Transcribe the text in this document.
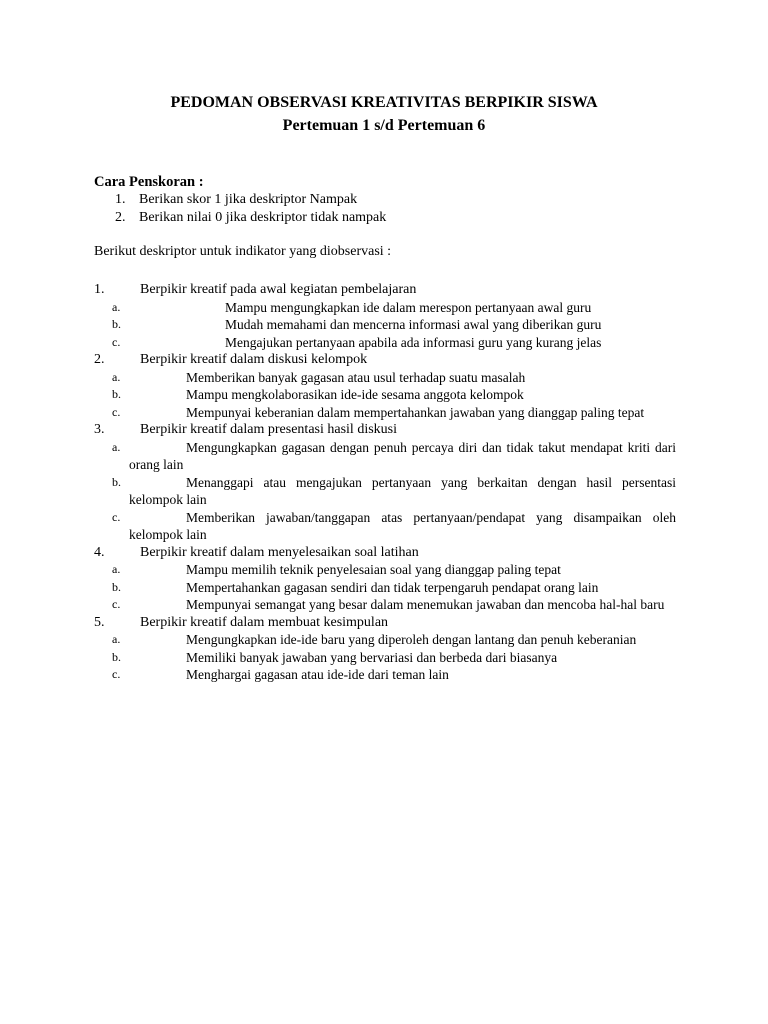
PEDOMAN OBSERVASI KREATIVITAS BERPIKIR SISWA
Pertemuan 1 s/d Pertemuan 6
Cara Penskoran :
1. Berikan skor 1 jika deskriptor Nampak
2. Berikan nilai 0 jika deskriptor tidak nampak
Berikut deskriptor untuk indikator yang diobservasi :
1.	Berpikir kreatif pada awal kegiatan pembelajaran
a.	Mampu mengungkapkan ide dalam merespon pertanyaan awal guru
b.	Mudah memahami dan mencerna informasi awal yang diberikan guru
c.	Mengajukan pertanyaan apabila ada informasi guru yang kurang jelas
2.	Berpikir kreatif dalam diskusi kelompok
a.	Memberikan banyak gagasan atau usul terhadap suatu masalah
b.	Mampu mengkolaborasikan ide-ide sesama anggota kelompok
c.	Mempunyai keberanian dalam mempertahankan jawaban yang dianggap paling tepat
3.	Berpikir kreatif dalam presentasi hasil diskusi
a.	Mengungkapkan gagasan dengan penuh percaya diri dan tidak takut mendapat kriti dari orang lain
b.	Menanggapi atau mengajukan pertanyaan yang berkaitan dengan hasil persentasi kelompok lain
c.	Memberikan jawaban/tanggapan atas pertanyaan/pendapat yang disampaikan oleh kelompok lain
4.	Berpikir kreatif dalam menyelesaikan soal latihan
a.	Mampu memilih teknik penyelesaian soal yang dianggap paling tepat
b.	Mempertahankan gagasan sendiri dan tidak terpengaruh pendapat orang lain
c.	Mempunyai semangat yang besar dalam menemukan jawaban dan mencoba hal-hal baru
5.	Berpikir kreatif dalam membuat kesimpulan
a.	Mengungkapkan ide-ide baru yang diperoleh dengan lantang dan penuh keberanian
b.	Memiliki banyak jawaban yang bervariasi dan berbeda dari biasanya
c.	Menghargai gagasan atau ide-ide dari teman lain
